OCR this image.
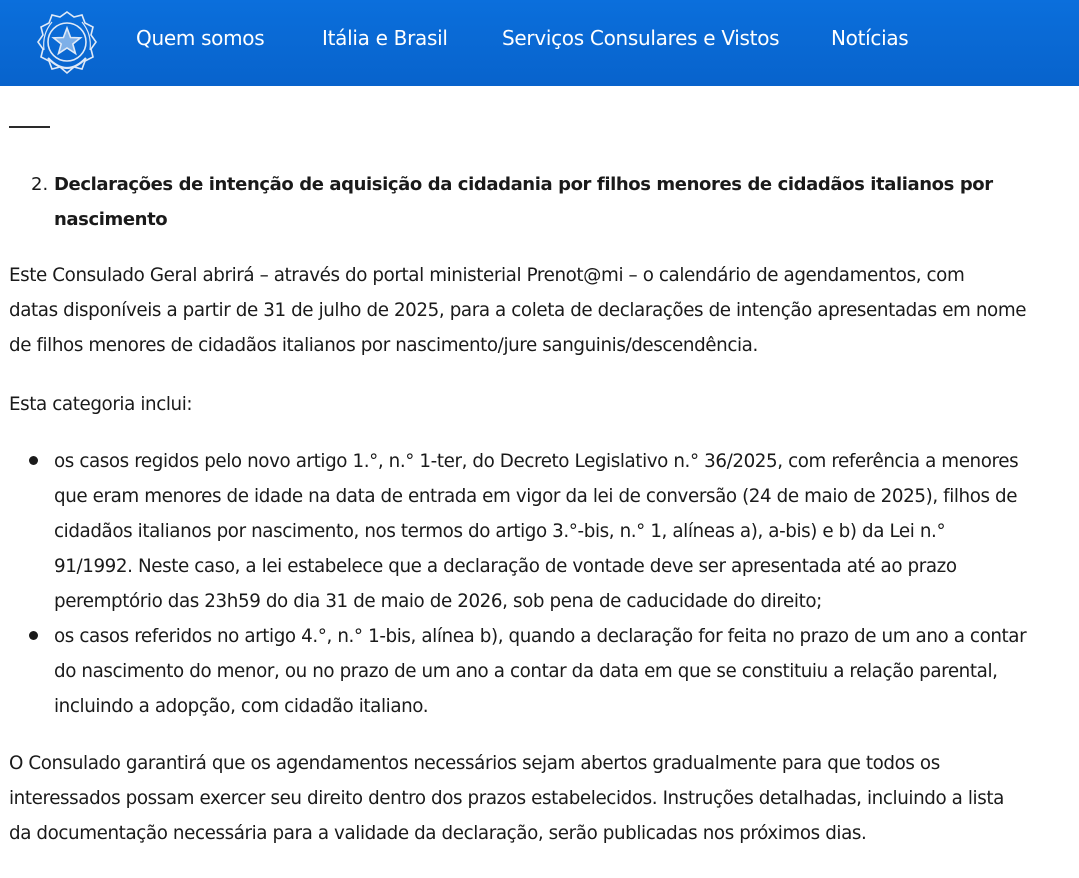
Quem somos	Itália e Brasil	Serviços Consulares e Vistos	Notícias
2. Declarações de intenção de aquisição da cidadania por filhos menores de cidadãos italianos por
nascimento

Este Consulado Geral abrirá – através do portal ministerial Prenot@mi – o calendário de agendamentos, com
datas disponíveis a partir de 31 de julho de 2025, para a coleta de declarações de intenção apresentadas em nome
de filhos menores de cidadãos italianos por nascimento/jure sanguinis/descendência.

Esta categoria inclui:

os casos regidos pelo novo artigo 1.°, n.° 1-ter, do Decreto Legislativo n.° 36/2025, com referência a menores
que eram menores de idade na data de entrada em vigor da lei de conversão (24 de maio de 2025), filhos de
cidadãos italianos por nascimento, nos termos do artigo 3.°-bis, n.° 1, alíneas a), a-bis) e b) da Lei n.°
91/1992. Neste caso, a lei estabelece que a declaração de vontade deve ser apresentada até ao prazo
peremptório das 23h59 do dia 31 de maio de 2026, sob pena de caducidade do direito;
os casos referidos no artigo 4.°, n.° 1-bis, alínea b), quando a declaração for feita no prazo de um ano a contar
do nascimento do menor, ou no prazo de um ano a contar da data em que se constituiu a relação parental,
incluindo a adopção, com cidadão italiano.

O Consulado garantirá que os agendamentos necessários sejam abertos gradualmente para que todos os
interessados possam exercer seu direito dentro dos prazos estabelecidos. Instruções detalhadas, incluindo a lista
da documentação necessária para a validade da declaração, serão publicadas nos próximos dias.
